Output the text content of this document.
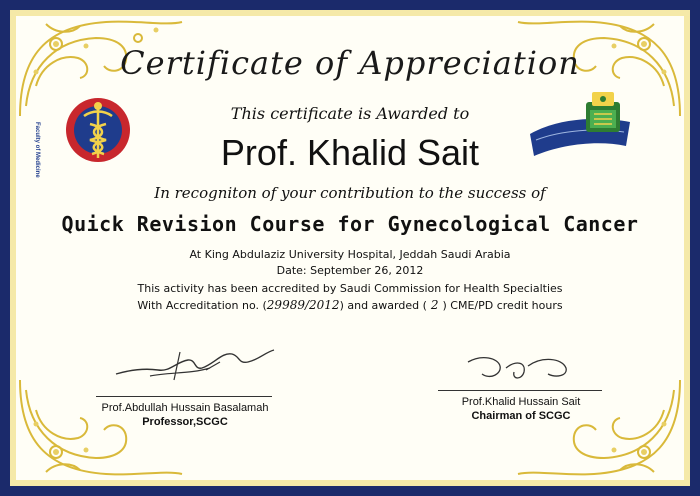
Faculty of Medicine
Certificate of Appreciation
This certificate is Awarded to
Prof. Khalid Sait
In recogniton of your contribution to the success of
Quick Revision Course for Gynecological Cancer
At King Abdulaziz University Hospital, Jeddah Saudi Arabia
Date: September 26, 2012
This activity has been accredited by Saudi Commission for Health Specialties
With Accreditation no. (29989/2012) and awarded ( 2 ) CME/PD credit hours
Prof.Abdullah Hussain Basalamah
Professor,SCGC
Prof.Khalid Hussain Sait
Chairman of SCGC
